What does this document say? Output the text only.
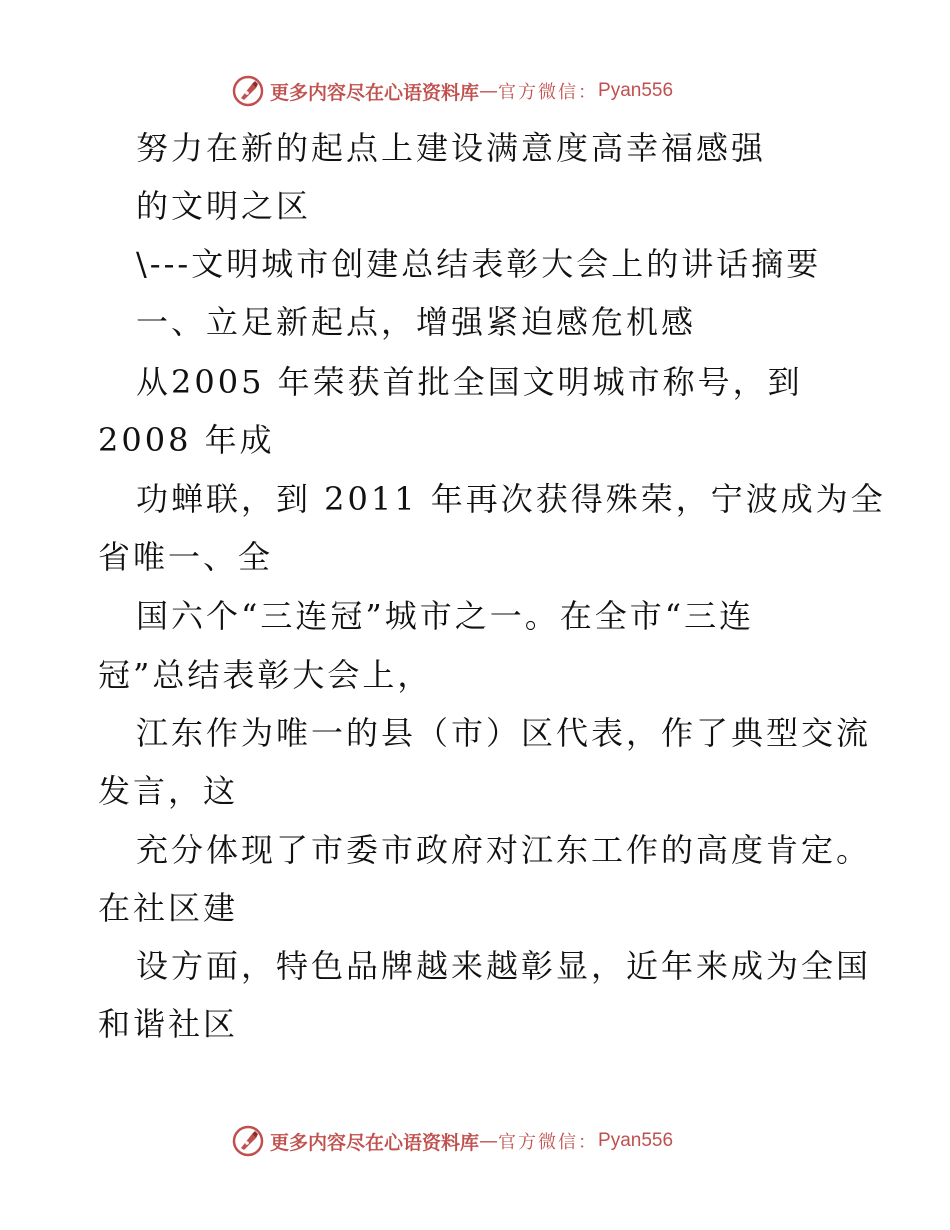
更多内容尽在心语资料库 — 官方微信： Pyan556
努力在新的起点上建设满意度高幸福感强
的文明之区
\---文明城市创建总结表彰大会上的讲话摘要
一、立足新起点，增强紧迫感危机感
从2005 年荣获首批全国文明城市称号，到
2008 年成
功蝉联，到 2011 年再次获得殊荣，宁波成为全
省唯一、全
国六个“三连冠”城市之一。在全市“三连
冠”总结表彰大会上，
江东作为唯一的县（市）区代表，作了典型交流
发言，这
充分体现了市委市政府对江东工作的高度肯定。
在社区建
设方面，特色品牌越来越彰显，近年来成为全国
和谐社区
更多内容尽在心语资料库 — 官方微信： Pyan556
